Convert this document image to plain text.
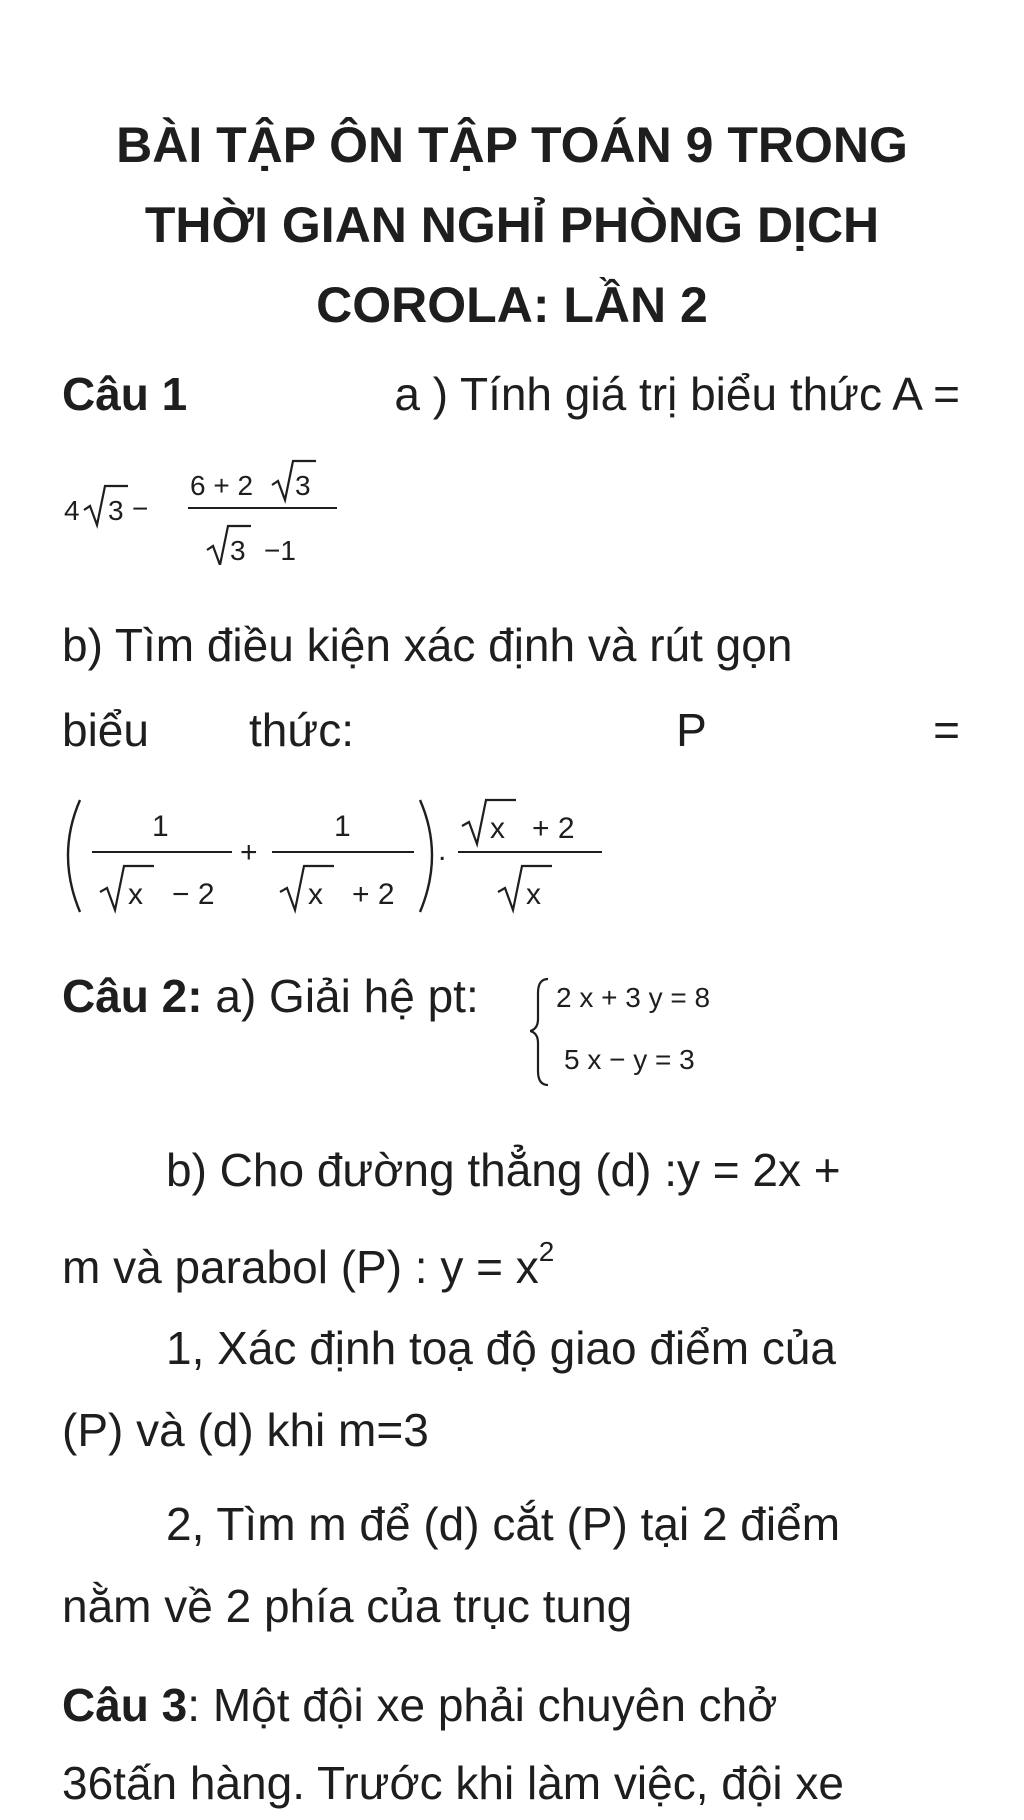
BÀI TẬP ÔN TẬP TOÁN 9 TRONG
THỜI GIAN NGHỈ PHÒNG DỊCH
COROLA: LẦN 2
Câu 1	a ) Tính giá trị biểu thức A =
4 3 −
6 + 2 3
3 −1
b) Tìm điều kiện xác định và rút gọn
biểu	thức:	P	=
1
x − 2
+
1
x + 2
.
x + 2
x
Câu 2: a) Giải hệ pt:	2 x + 3 y = 8
5 x − y = 3
b) Cho đường thẳng (d) :y = 2x +
m và parabol (P) : $y = x^2$
1, Xác định toạ độ giao điểm của
(P) và (d) khi m=3
2, Tìm m để (d) cắt (P) tại 2 điểm
nằm về 2 phía của trục tung
Câu 3: Một đội xe phải chuyên chở
36tấn hàng. Trước khi làm việc, đội xe
